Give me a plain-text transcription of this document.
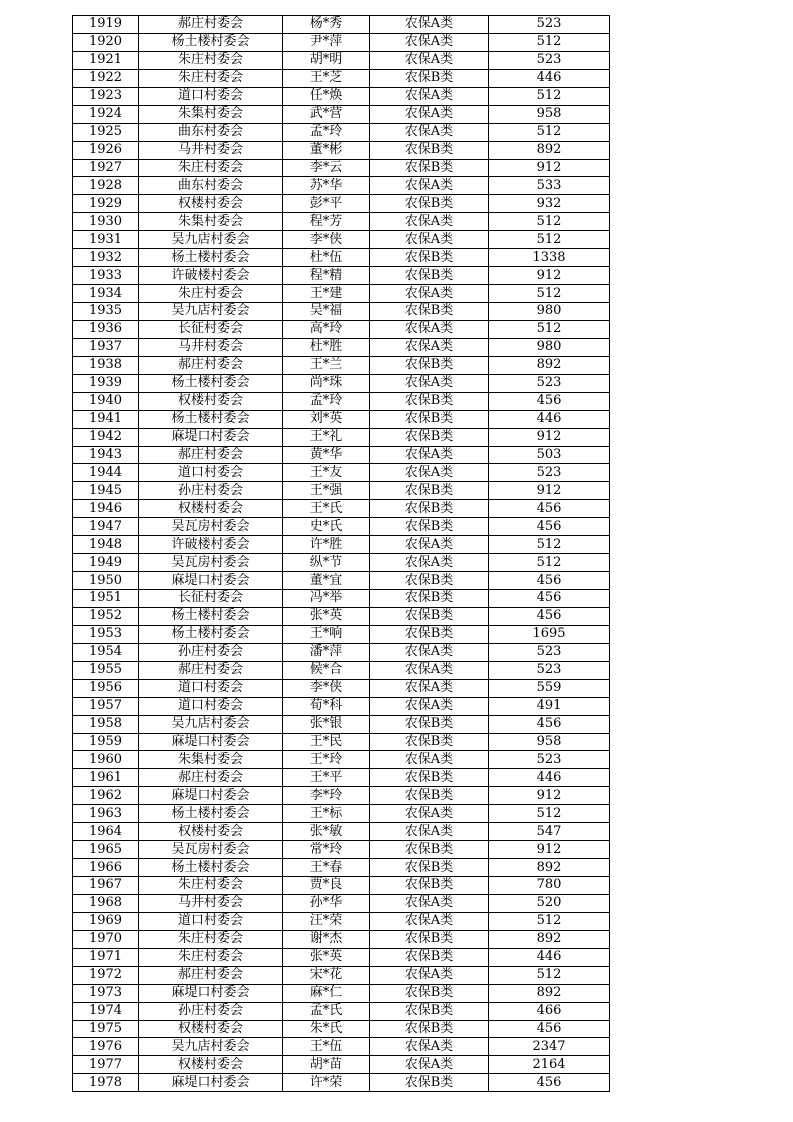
1919	郝庄村委会	杨*秀	农保A类	523
1920	杨土楼村委会	尹*萍	农保A类	512
1921	朱庄村委会	胡*明	农保A类	523
1922	朱庄村委会	王*芝	农保B类	446
1923	道口村委会	任*焕	农保A类	512
1924	朱集村委会	武*营	农保A类	958
1925	曲东村委会	孟*玲	农保A类	512
1926	马井村委会	董*彬	农保B类	892
1927	朱庄村委会	李*云	农保B类	912
1928	曲东村委会	苏*华	农保A类	533
1929	权楼村委会	彭*平	农保B类	932
1930	朱集村委会	程*芳	农保A类	512
1931	吴九店村委会	李*侠	农保A类	512
1932	杨土楼村委会	杜*伍	农保B类	1338
1933	许破楼村委会	程*精	农保B类	912
1934	朱庄村委会	王*建	农保A类	512
1935	吴九店村委会	吴*福	农保B类	980
1936	长征村委会	高*玲	农保A类	512
1937	马井村委会	杜*胜	农保A类	980
1938	郝庄村委会	王*兰	农保B类	892
1939	杨土楼村委会	尚*珠	农保A类	523
1940	权楼村委会	孟*玲	农保B类	456
1941	杨土楼村委会	刘*英	农保B类	446
1942	麻堤口村委会	王*礼	农保B类	912
1943	郝庄村委会	黄*华	农保A类	503
1944	道口村委会	王*友	农保A类	523
1945	孙庄村委会	王*强	农保B类	912
1946	权楼村委会	王*氏	农保B类	456
1947	吴瓦房村委会	史*氏	农保B类	456
1948	许破楼村委会	许*胜	农保A类	512
1949	吴瓦房村委会	纵*节	农保A类	512
1950	麻堤口村委会	董*宜	农保B类	456
1951	长征村委会	冯*举	农保B类	456
1952	杨土楼村委会	张*英	农保B类	456
1953	杨土楼村委会	王*响	农保B类	1695
1954	孙庄村委会	潘*萍	农保A类	523
1955	郝庄村委会	候*合	农保A类	523
1956	道口村委会	李*侠	农保A类	559
1957	道口村委会	荀*科	农保A类	491
1958	吴九店村委会	张*银	农保B类	456
1959	麻堤口村委会	王*民	农保B类	958
1960	朱集村委会	王*玲	农保A类	523
1961	郝庄村委会	王*平	农保B类	446
1962	麻堤口村委会	李*玲	农保B类	912
1963	杨土楼村委会	王*标	农保A类	512
1964	权楼村委会	张*敏	农保A类	547
1965	吴瓦房村委会	常*玲	农保B类	912
1966	杨土楼村委会	王*春	农保B类	892
1967	朱庄村委会	贾*良	农保B类	780
1968	马井村委会	孙*华	农保A类	520
1969	道口村委会	汪*荣	农保A类	512
1970	朱庄村委会	谢*杰	农保B类	892
1971	朱庄村委会	张*英	农保B类	446
1972	郝庄村委会	宋*花	农保A类	512
1973	麻堤口村委会	麻*仁	农保B类	892
1974	孙庄村委会	孟*氏	农保B类	466
1975	权楼村委会	朱*氏	农保B类	456
1976	吴九店村委会	王*伍	农保A类	2347
1977	权楼村委会	胡*苗	农保A类	2164
1978	麻堤口村委会	许*荣	农保B类	456
